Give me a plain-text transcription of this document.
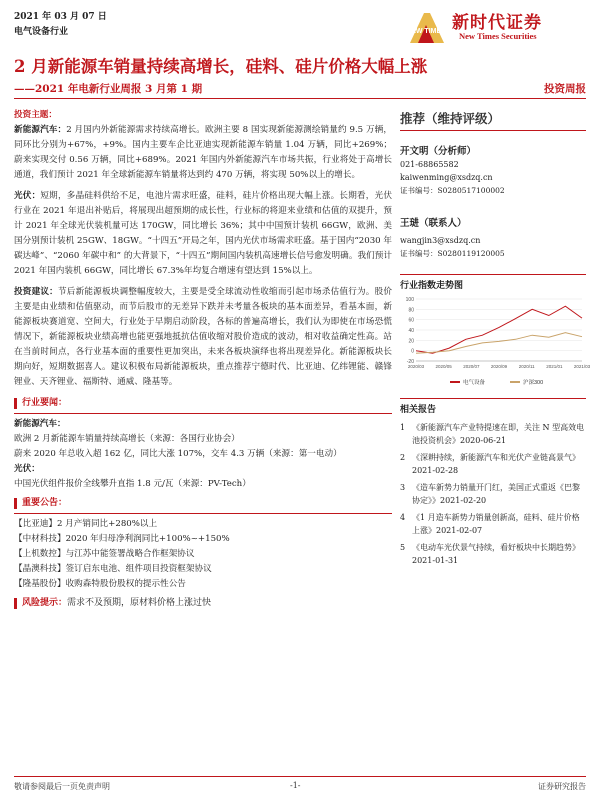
2021 年 03 月 07 日
电气设备行业	NEW TIMES 新时代证券
New Times Securities
2 月新能源车销量持续高增长，硅料、硅片价格大幅上涨
——2021 年电新行业周报 3 月第 1 期	投资周报

投资主题：
新能源汽车：2 月国内外新能源需求持续高增长。欧洲主要 8 国实现新能源测绘销量约 9.5 万辆，同环比分别为+67%，+9%。国内主要车企比亚迪实现新能源车销量 1.04 万辆，同比+269%；蔚来实现交付 0.56 万辆，同比+689%。2021 年国内外新能源汽车市场共振，行业将处于高增长通道，我们预计 2021 年全球新能源车销量将达到约 470 万辆，将实现 50%以上的增长。

光伏：短期，多晶硅料供给不足，电池片需求旺盛，硅料，硅片价格出现大幅上涨。长期看，光伏行业在 2021 年退出补贴后，将展现出超预期的成长性，行业标的将迎来业绩和估值的双提升，预计 2021 年全球光伏装机量可达 170GW，同比增长 36%；其中中国预计装机 66GW，欧洲、美国分别预计装机 25GW、18GW。“十四五”开局之年，国内光伏市场需求旺盛。基于国内“2030 年碳达峰”、“2060 年碳中和” 的大背景下，“十四五”期间国内装机高速增长信号愈发明确。我们预计 2021 年国内装机 66GW，同比增长 67.3%年均复合增速有望达到 15%以上。

投资建议：节后新能源板块调整幅度较大，主要是受全球流动性收缩而引起市场杀估值行为。股价主要是由业绩和估值驱动，而节后股市的无差异下跌并未考量各板块的基本面差异，看基本面，新能源板块赛道宽、空间大，行业处于早期启动阶段，各标的普遍高增长，我们认为即使在市场恐慌情况下，新能源板块业绩高增也能更强地抵抗估值收缩对股价造成的波动，相对收益确定性高。站在当前时间点，各行业基本面的重要性更加突出，未来各板块演绎也将出现差异化。新能源板块长期向好，短期数据喜人。建议积极布局新能源板块，重点推荐宁德时代、比亚迪、亿纬锂能、赣锋锂业、天齐锂业、福斯特、通威、隆基等。

行业要闻：
新能源汽车：
欧洲 2 月新能源车销量持续高增长（来源：各国行业协会）
蔚来 2020 年总收入超 162 亿，同比大涨 107%，交车 4.3 万辆（来源：第一电动）
光伏：
中国光伏组件报价全线攀升直指 1.8 元/瓦（来源：PV-Tech）
重要公告：
【比亚迪】2 月产销同比+280%以上
【中材科技】2020 年归母净利润同比+100%~+150%
【上机数控】与江苏中能签署战略合作框架协议
【晶澳科技】签订启东电池、组件项目投资框架协议
【隆基股份】收购森特股份股权的提示性公告
风险提示： 需求不及预期，原材料价格上涨过快
推荐（维持评级）
开文明（分析师）
021-68865582
kaiwenming@xsdzq.cn
证书编号：S0280517100002
王琎（联系人）
wangjin3@xsdzq.cn
证书编号：S0280119120005
行业指数走势图
100
80
60
40
20
0
-20
2020/03	2020/05	2020/07	2020/09	2020/11	2021/01	2021/03
电气设备	沪深300
相关报告
1 《新能源汽车产业特提速在即，关注 N 型高效电池投资机会》2020-06-21
2 《深耕持续，新能源汽车和光伏产业链高景气》2021-02-28
3 《造车新势力销量开门红，美国正式重返《巴黎协定》》2021-02-20
4 《1 月造车新势力销量创新高，硅料、硅片价格上涨》2021-02-07
5 《电动车光伏景气持续，看好板块中长期趋势》2021-01-31
敬请参阅最后一页免责声明	-1-	证券研究报告
